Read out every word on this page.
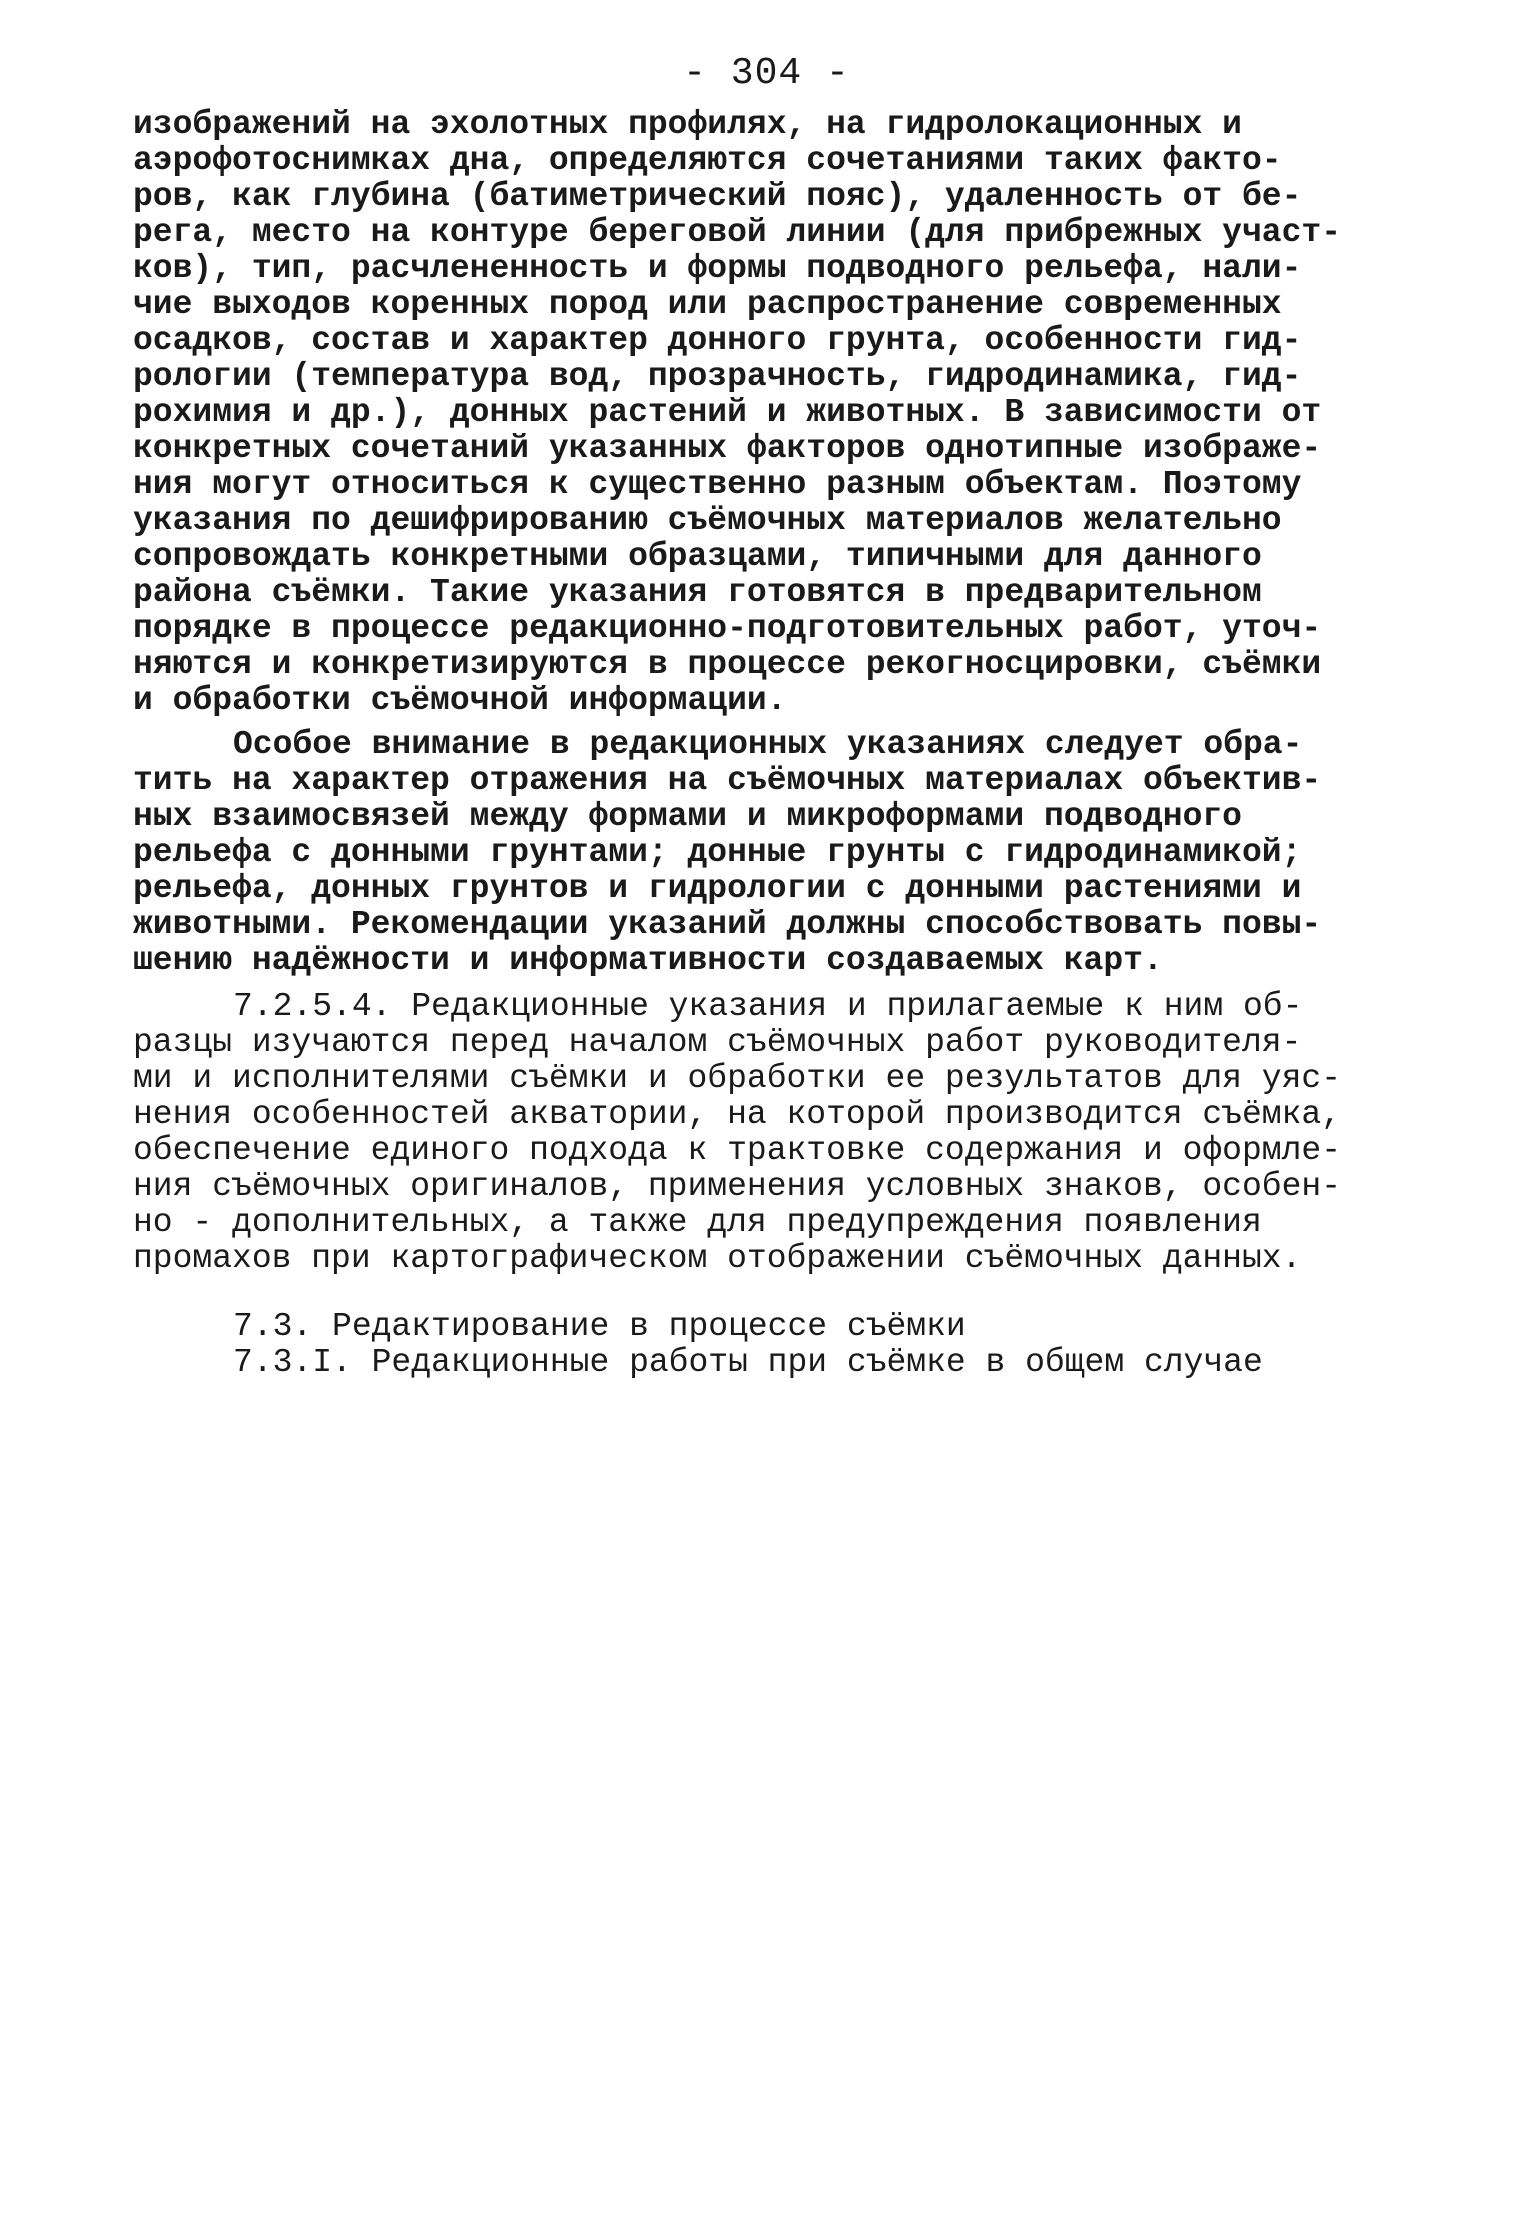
- 304 -
изображений на эхолотных профилях, на гидролокационных и
аэрофотоснимках дна, определяются сочетаниями таких факто-
ров, как глубина (батиметрический пояс), удаленность от бе-
рега, место на контуре береговой линии (для прибрежных участ-
ков), тип, расчлененность и формы подводного рельефа, нали-
чие выходов коренных пород или распространение современных
осадков, состав и характер донного грунта, особенности гид-
рологии (температура вод, прозрачность, гидродинамика, гид-
рохимия и др.), донных растений и животных. В зависимости от
конкретных сочетаний указанных факторов однотипные изображе-
ния могут относиться к существенно разным объектам. Поэтому
указания по дешифрированию съёмочных материалов желательно
сопровождать конкретными образцами, типичными для данного
района съёмки. Такие указания готовятся в предварительном
порядке в процессе редакционно-подготовительных работ, уточ-
няются и конкретизируются в процессе рекогносцировки, съёмки
и обработки съёмочной информации.
Особое внимание в редакционных указаниях следует обра-
тить на характер отражения на съёмочных материалах объектив-
ных взаимосвязей между формами и микроформами подводного
рельефа с донными грунтами; донные грунты с гидродинамикой;
рельефа, донных грунтов и гидрологии с донными растениями и
животными. Рекомендации указаний должны способствовать повы-
шению надёжности и информативности создаваемых карт.
7.2.5.4. Редакционные указания и прилагаемые к ним об-
разцы изучаются перед началом съёмочных работ руководителя-
ми и исполнителями съёмки и обработки ее результатов для уяс-
нения особенностей акватории, на которой производится съёмка,
обеспечение единого подхода к трактовке содержания и оформле-
ния съёмочных оригиналов, применения условных знаков, особен-
но - дополнительных, а также для предупреждения появления
промахов при картографическом отображении съёмочных данных.
7.3. Редактирование в процессе съёмки
7.3.I. Редакционные работы при съёмке в общем случае
